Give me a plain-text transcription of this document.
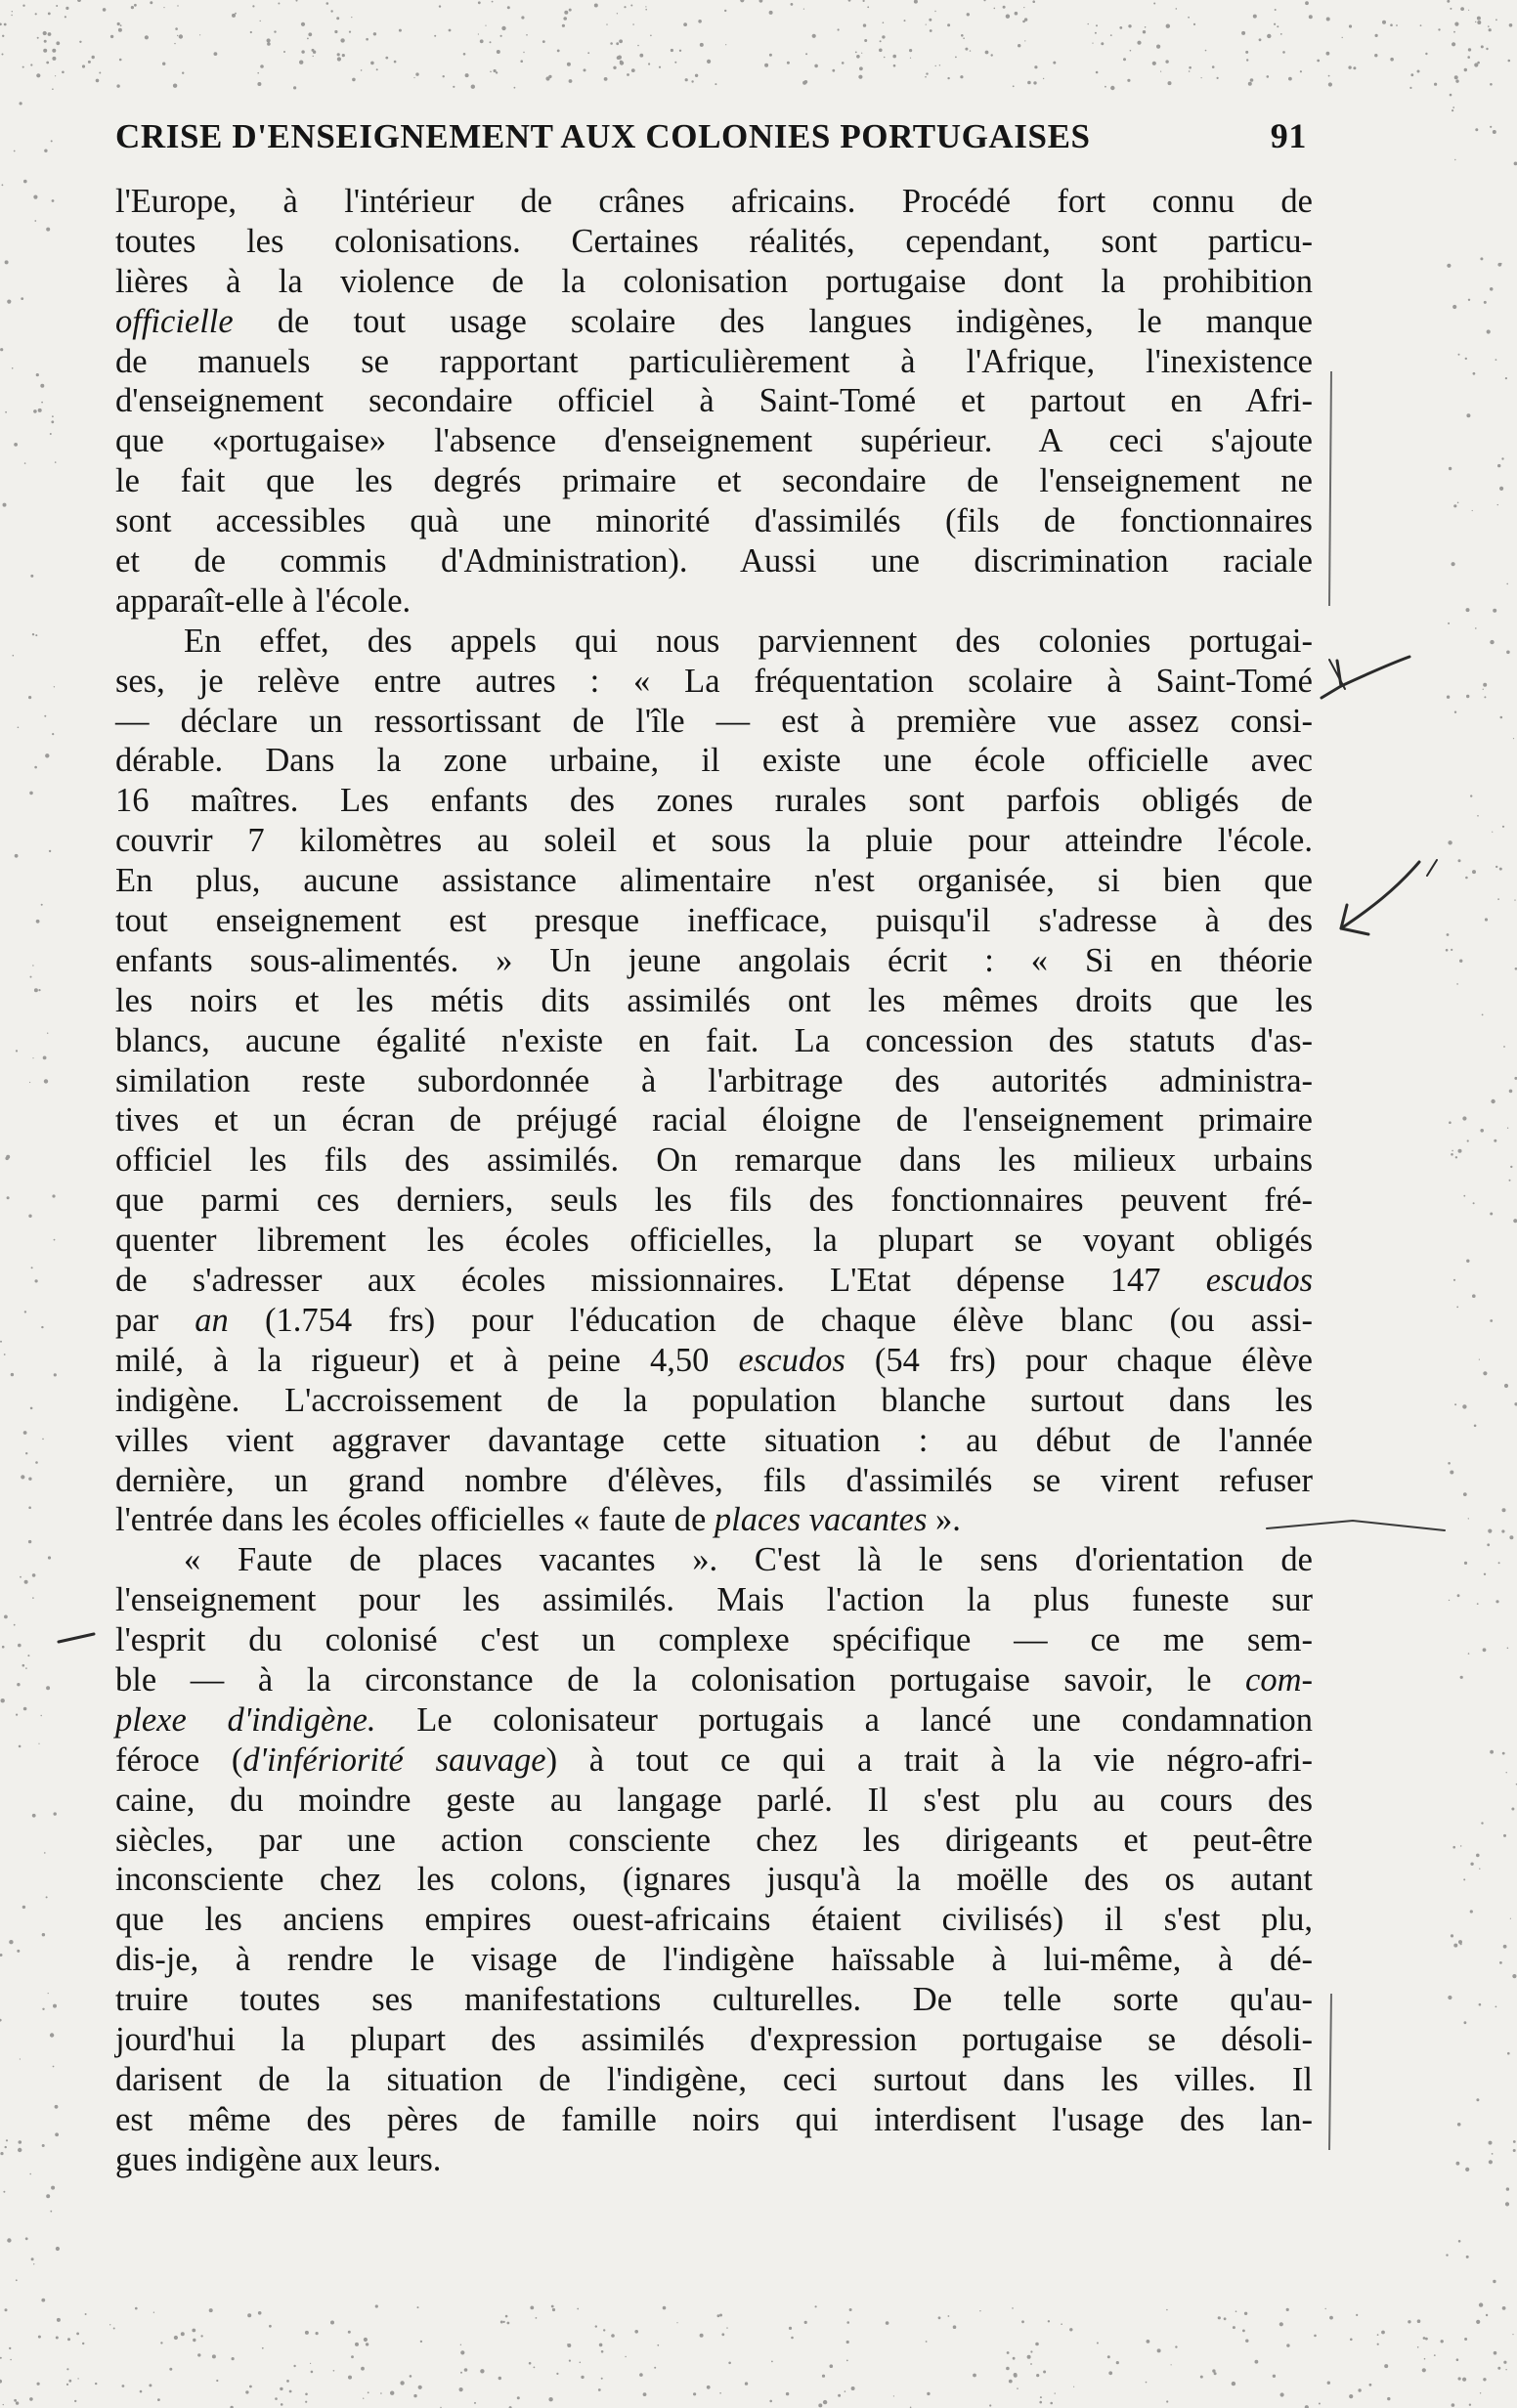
CRISE D'ENSEIGNEMENT AUX COLONIES PORTUGAISES	91
l'Europe, à l'intérieur de crânes africains. Procédé fort connu de
toutes les colonisations. Certaines réalités, cependant, sont particu-
lières à la violence de la colonisation portugaise dont la prohibition
officielle de tout usage scolaire des langues indigènes, le manque
de manuels se rapportant particulièrement à l'Afrique, l'inexistence
d'enseignement secondaire officiel à Saint-Tomé et partout en Afri-
que «portugaise» l'absence d'enseignement supérieur. A ceci s'ajoute
le fait que les degrés primaire et secondaire de l'enseignement ne
sont accessibles quà une minorité d'assimilés (fils de fonctionnaires
et de commis d'Administration). Aussi une discrimination raciale
apparaît-elle à l'école.
En effet, des appels qui nous parviennent des colonies portugai-
ses, je relève entre autres : « La fréquentation scolaire à Saint-Tomé
— déclare un ressortissant de l'île — est à première vue assez consi-
dérable. Dans la zone urbaine, il existe une école officielle avec
16 maîtres. Les enfants des zones rurales sont parfois obligés de
couvrir 7 kilomètres au soleil et sous la pluie pour atteindre l'école.
En plus, aucune assistance alimentaire n'est organisée, si bien que
tout enseignement est presque inefficace, puisqu'il s'adresse à des
enfants sous-alimentés. » Un jeune angolais écrit : « Si en théorie
les noirs et les métis dits assimilés ont les mêmes droits que les
blancs, aucune égalité n'existe en fait. La concession des statuts d'as-
similation reste subordonnée à l'arbitrage des autorités administra-
tives et un écran de préjugé racial éloigne de l'enseignement primaire
officiel les fils des assimilés. On remarque dans les milieux urbains
que parmi ces derniers, seuls les fils des fonctionnaires peuvent fré-
quenter librement les écoles officielles, la plupart se voyant obligés
de s'adresser aux écoles missionnaires. L'Etat dépense 147 escudos
par an (1.754 frs) pour l'éducation de chaque élève blanc (ou assi-
milé, à la rigueur) et à peine 4,50 escudos (54 frs) pour chaque élève
indigène. L'accroissement de la population blanche surtout dans les
villes vient aggraver davantage cette situation : au début de l'année
dernière, un grand nombre d'élèves, fils d'assimilés se virent refuser
l'entrée dans les écoles officielles « faute de places vacantes ».
« Faute de places vacantes ». C'est là le sens d'orientation de
l'enseignement pour les assimilés. Mais l'action la plus funeste sur
l'esprit du colonisé c'est un complexe spécifique — ce me sem-
ble — à la circonstance de la colonisation portugaise savoir, le com-
plexe d'indigène. Le colonisateur portugais a lancé une condamnation
féroce (d'infériorité sauvage) à tout ce qui a trait à la vie négro-afri-
caine, du moindre geste au langage parlé. Il s'est plu au cours des
siècles, par une action consciente chez les dirigeants et peut-être
inconsciente chez les colons, (ignares jusqu'à la moëlle des os autant
que les anciens empires ouest-africains étaient civilisés) il s'est plu,
dis-je, à rendre le visage de l'indigène haïssable à lui-même, à dé-
truire toutes ses manifestations culturelles. De telle sorte qu'au-
jourd'hui la plupart des assimilés d'expression portugaise se désoli-
darisent de la situation de l'indigène, ceci surtout dans les villes. Il
est même des pères de famille noirs qui interdisent l'usage des lan-
gues indigène aux leurs.
